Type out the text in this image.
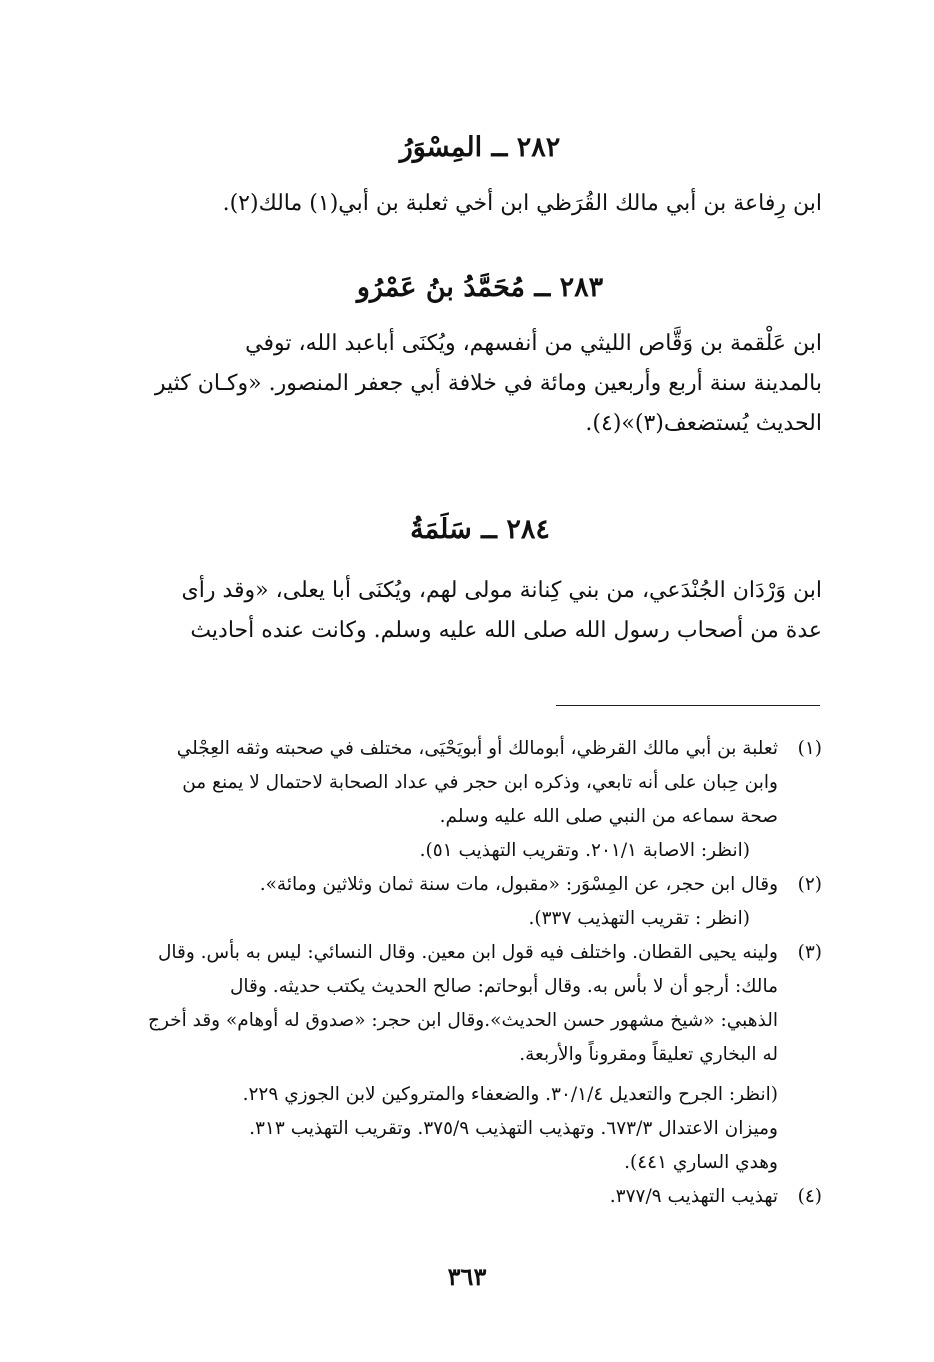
٢٨٢ ــ المِسْوَرُ

ابن رِفاعة بن أبي مالك القُرَظي ابن أخي ثعلبة بن أبي(١) مالك(٢).

٢٨٣ ــ مُحَمَّدُ بنُ عَمْرُو

ابن عَلْقمة بن وَقَّاص الليثي من أنفسهم، ويُكنَى أباعبد الله، توفي

بالمدينة سنة أربع وأربعين ومائة في خلافة أبي جعفر المنصور. «وكـان كثير

الحديث يُستضعف(٣)»(٤).

٢٨٤ ــ سَلَمَةُ

ابن وَرْدَان الجُنْدَعي، من بني كِنانة مولى لهم، ويُكنَى أبا يعلى، «وقد رأى

عدة من أصحاب رسول الله صلى الله عليه وسلم. وكانت عنده أحاديث

(١)
ثعلبة بن أبي مالك القرظي، أبومالك أو أبويَحْيَى، مختلف في صحبته وثقه العِجْلي
وابن حِبان على أنه تابعي، وذكره ابن حجر في عداد الصحابة لاحتمال لا يمنع من
صحة سماعه من النبي صلى الله عليه وسلم.
(انظر: الاصابة ٢٠١/١. وتقريب التهذيب ٥١).
(٢)
وقال ابن حجر، عن المِسْوَر: «مقبول، مات سنة ثمان وثلاثين ومائة».
(انظر : تقريب التهذيب ٣٣٧).
(٣)
ولينه يحيى القطان. واختلف فيه قول ابن معين. وقال النسائي: ليس به بأس. وقال
مالك: أرجو أن لا بأس به. وقال أبوحاتم: صالح الحديث يكتب حديثه. وقال
الذهبي: «شيخ مشهور حسن الحديث».وقال ابن حجر: «صدوق له أوهام» وقد أخرج
له البخاري تعليقاً ومقروناً والأربعة.
(انظر: الجرح والتعديل ٣٠/١/٤. والضعفاء والمتروكين لابن الجوزي ٢٢٩.
وميزان الاعتدال ٦٧٣/٣. وتهذيب التهذيب ٣٧٥/٩. وتقريب التهذيب ٣١٣.
وهدي الساري ٤٤١).
(٤)
تهذيب التهذيب ٣٧٧/٩.
٣٦٣
